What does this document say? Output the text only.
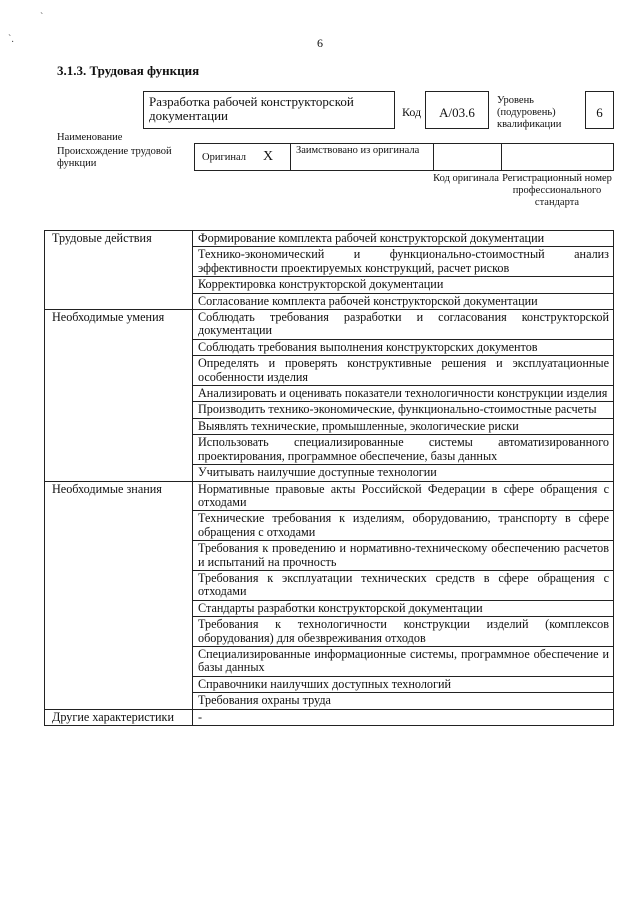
`
`.	6
3.1.3. Трудовая функция
Наименование
Разработка рабочей конструкторской документации	Код	А/03.6
Уровень (подуровень) квалификации
6
Происхождение трудовой функции
Оригинал X Заимствовано из оригинала
Код оригинала Регистрационный номер профессионального стандарта
Трудовые действия	Формирование комплекта рабочей конструкторской документации
	Технико-экономический и функционально-стоимостный анализ эффективности проектируемых конструкций, расчет рисков
	Корректировка конструкторской документации
	Согласование комплекта рабочей конструкторской документации
Необходимые умения	Соблюдать требования разработки и согласования конструкторской документации
	Соблюдать требования выполнения конструкторских документов
	Определять и проверять конструктивные решения и эксплуатационные особенности изделия
	Анализировать и оценивать показатели технологичности конструкции изделия
	Производить технико-экономические, функционально-стоимостные расчеты
	Выявлять технические, промышленные, экологические риски
	Использовать специализированные системы автоматизированного проектирования, программное обеспечение, базы данных
	Учитывать наилучшие доступные технологии
Необходимые знания	Нормативные правовые акты Российской Федерации в сфере обращения с отходами
	Технические требования к изделиям, оборудованию, транспорту в сфере обращения с отходами
	Требования к проведению и нормативно-техническому обеспечению расчетов и испытаний на прочность
	Требования к эксплуатации технических средств в сфере обращения с отходами
	Стандарты разработки конструкторской документации
	Требования к технологичности конструкции изделий (комплексов оборудования) для обезвреживания отходов
	Специализированные информационные системы, программное обеспечение и базы данных
	Справочники наилучших доступных технологий
	Требования охраны труда
Другие характеристики	-
